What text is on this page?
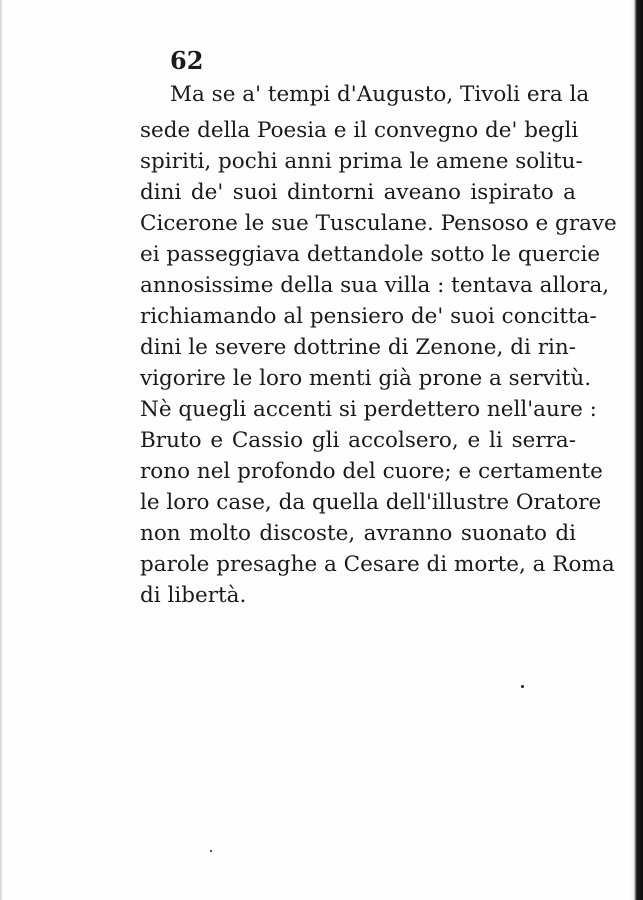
62
Ma se a' tempi d'Augusto, Tivoli era la
sede della Poesia e il convegno de' begli
spiriti, pochi anni prima le amene solitu-
dini de' suoi dintorni aveano ispirato a
Cicerone le sue Tusculane. Pensoso e grave
ei passeggiava dettandole sotto le quercie
annosissime della sua villa : tentava allora,
richiamando al pensiero de' suoi concitta-
dini le severe dottrine di Zenone, di rin-
vigorire le loro menti già prone a servitù.
Nè quegli accenti si perdettero nell'aure :
Bruto e Cassio gli accolsero, e li serra-
rono nel profondo del cuore; e certamente
le loro case, da quella dell'illustre Oratore
non molto discoste, avranno suonato di
parole presaghe a Cesare di morte, a Roma
di libertà.
